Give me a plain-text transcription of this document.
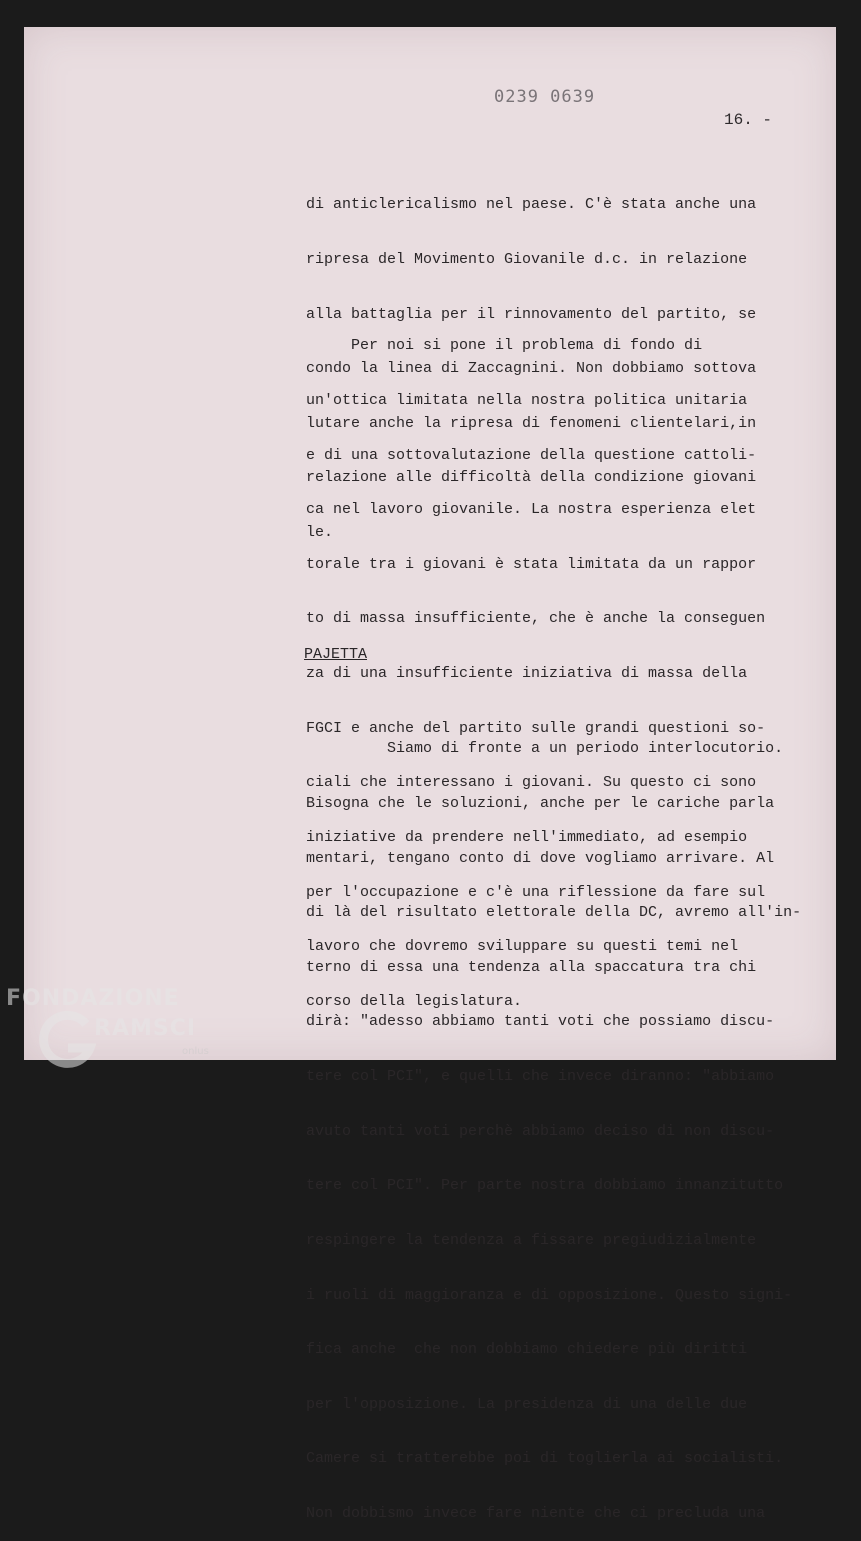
0239 0639
16. -

di anticlericalismo nel paese. C'è stata anche una

ripresa del Movimento Giovanile d.c. in relazione

alla battaglia per il rinnovamento del partito, se

condo la linea di Zaccagnini. Non dobbiamo sottova

lutare anche la ripresa di fenomeni clientelari,in

relazione alle difficoltà della condizione giovani

le.

Per noi si pone il problema di fondo di

un'ottica limitata nella nostra politica unitaria

e di una sottovalutazione della questione cattoli-

ca nel lavoro giovanile. La nostra esperienza elet

torale tra i giovani è stata limitata da un rappor

to di massa insufficiente, che è anche la conseguen

za di una insufficiente iniziativa di massa della

FGCI e anche del partito sulle grandi questioni so-

ciali che interessano i giovani. Su questo ci sono

iniziative da prendere nell'immediato, ad esempio

per l'occupazione e c'è una riflessione da fare sul

lavoro che dovremo sviluppare su questi temi nel

corso della legislatura.

PAJETTA

Siamo di fronte a un periodo interlocutorio.

Bisogna che le soluzioni, anche per le cariche parla

mentari, tengano conto di dove vogliamo arrivare. Al

di là del risultato elettorale della DC, avremo all'in-

terno di essa una tendenza alla spaccatura tra chi

dirà: "adesso abbiamo tanti voti che possiamo discu-

tere col PCI", e quelli che invece diranno: "abbiamo

avuto tanti voti perchè abbiamo deciso di non discu-

tere col PCI". Per parte nostra dobbiamo innanzitutto

respingere la tendenza a fissare pregiudizialmente

i ruoli di maggioranza e di opposizione. Questo signi-

fica anche  che non dobbiamo chiedere più diritti

per l'opposizione. La presidenza di una delle due

Camere si tratterebbe poi di toglierla ai socialisti.

Non dobbismo invece fare niente che ci precluda una

FONDAZIONE
RAMSCI
onlus
